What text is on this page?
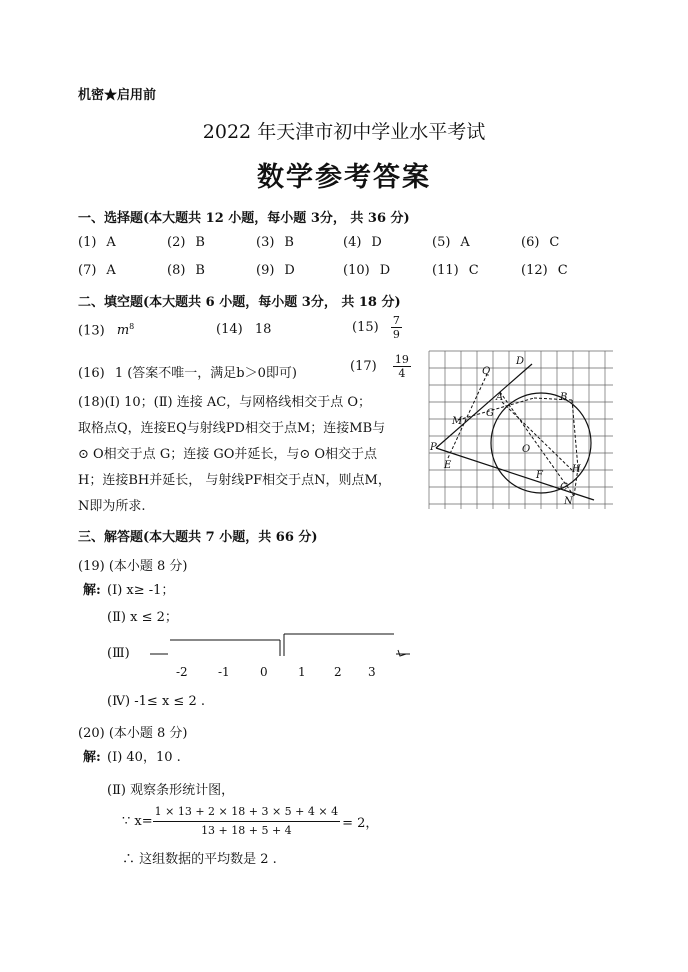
机密★启用前
2022 年天津市初中学业水平考试
数学参考答案
一、选择题(本大题共 12 小题，每小题 3分， 共 36 分)
(1) A	(2) B	(3) B	(4) D	(5) A	(6) C
(7) A	(8) B	(9) D	(10) D	(11) C	(12) C
二、填空题(本大题共 6 小题，每小题 3分， 共 18 分)
(13) $m^8$	(14) 18	$(15) \frac{7}{9}$
(16) 1 (答案不唯一，满足b＞0即可)	$(17) \frac{19}{4}$
(18)(Ⅰ) 10；(Ⅱ) 连接 AC，与网格线相交于点 O；
取格点Q，连接EQ与射线PD相交于点M；连接MB与
⊙ O相交于点 G；连接 GO并延长，与⊙ O相交于点
H；连接BH并延长， 与射线PF相交于点N，则点M，
N即为所求.
D
Q
A	B
M
G
P
E
O
F
H
C
N
三、解答题(本大题共 7 小题，共 66 分)
(19) (本小题 8 分)
解: (Ⅰ) x≥ -1；
(Ⅱ) x ≤ 2；
(Ⅲ)
-2	-1	0	1 2 3
(Ⅳ) -1≤ x ≤ 2 .
(20) (本小题 8 分)
解: (Ⅰ) 40，10 .
(Ⅱ) 观察条形统计图，
∵ $x= \frac{1 \times 13 + 2 \times 18 + 3 \times 5 + 4 \times 4}{13 + 18 + 5 + 4} = 2$，
∴ 这组数据的平均数是 2 .
